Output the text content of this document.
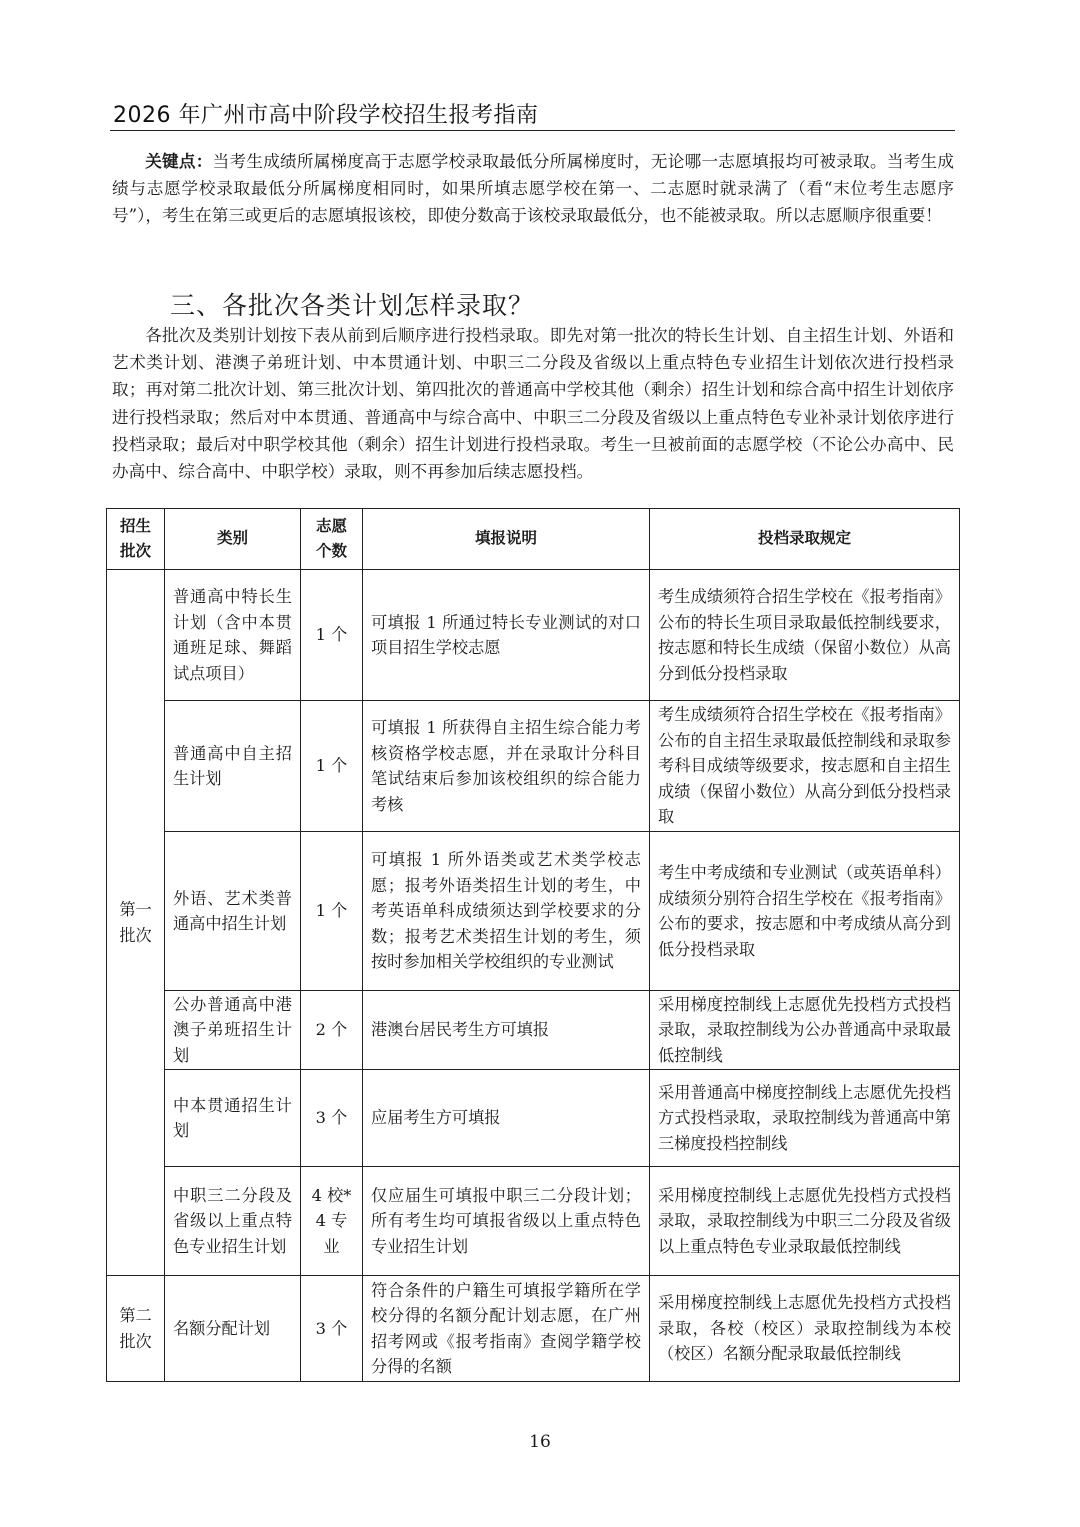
2026 年广州市高中阶段学校招生报考指南

关键点：当考生成绩所属梯度高于志愿学校录取最低分所属梯度时，无论哪一志愿填报均可被录取。当考生成绩与志愿学校录取最低分所属梯度相同时，如果所填志愿学校在第一、二志愿时就录满了（看“末位考生志愿序号”），考生在第三或更后的志愿填报该校，即使分数高于该校录取最低分，也不能被录取。所以志愿顺序很重要！

三、各批次各类计划怎样录取？

各批次及类别计划按下表从前到后顺序进行投档录取。即先对第一批次的特长生计划、自主招生计划、外语和艺术类计划、港澳子弟班计划、中本贯通计划、中职三二分段及省级以上重点特色专业招生计划依次进行投档录取；再对第二批次计划、第三批次计划、第四批次的普通高中学校其他（剩余）招生计划和综合高中招生计划依序进行投档录取；然后对中本贯通、普通高中与综合高中、中职三二分段及省级以上重点特色专业补录计划依序进行投档录取；最后对中职学校其他（剩余）招生计划进行投档录取。考生一旦被前面的志愿学校（不论公办高中、民办高中、综合高中、中职学校）录取，则不再参加后续志愿投档。

招生批次	类别	志愿个数	填报说明	投档录取规定
第一批次	普通高中特长生计划（含中本贯通班足球、舞蹈试点项目）	1 个	可填报 1 所通过特长专业测试的对口项目招生学校志愿	考生成绩须符合招生学校在《报考指南》公布的特长生项目录取最低控制线要求，按志愿和特长生成绩（保留小数位）从高分到低分投档录取
	普通高中自主招生计划	1 个	可填报 1 所获得自主招生综合能力考核资格学校志愿，并在录取计分科目笔试结束后参加该校组织的综合能力考核	考生成绩须符合招生学校在《报考指南》公布的自主招生录取最低控制线和录取参考科目成绩等级要求，按志愿和自主招生成绩（保留小数位）从高分到低分投档录取
	外语、艺术类普通高中招生计划	1 个	可填报 1 所外语类或艺术类学校志愿；报考外语类招生计划的考生，中考英语单科成绩须达到学校要求的分数；报考艺术类招生计划的考生，须按时参加相关学校组织的专业测试	考生中考成绩和专业测试（或英语单科）成绩须分别符合招生学校在《报考指南》公布的要求，按志愿和中考成绩从高分到低分投档录取
	公办普通高中港澳子弟班招生计划	2 个	港澳台居民考生方可填报	采用梯度控制线上志愿优先投档方式投档录取，录取控制线为公办普通高中录取最低控制线
	中本贯通招生计划	3 个	应届考生方可填报	采用普通高中梯度控制线上志愿优先投档方式投档录取，录取控制线为普通高中第三梯度投档控制线
	中职三二分段及省级以上重点特色专业招生计划	4 校*4 专业	仅应届生可填报中职三二分段计划；所有考生均可填报省级以上重点特色专业招生计划	采用梯度控制线上志愿优先投档方式投档录取，录取控制线为中职三二分段及省级以上重点特色专业录取最低控制线
第二批次	名额分配计划	3 个	符合条件的户籍生可填报学籍所在学校分得的名额分配计划志愿，在广州招考网或《报考指南》查阅学籍学校分得的名额	采用梯度控制线上志愿优先投档方式投档录取，各校（校区）录取控制线为本校（校区）名额分配录取最低控制线
16
